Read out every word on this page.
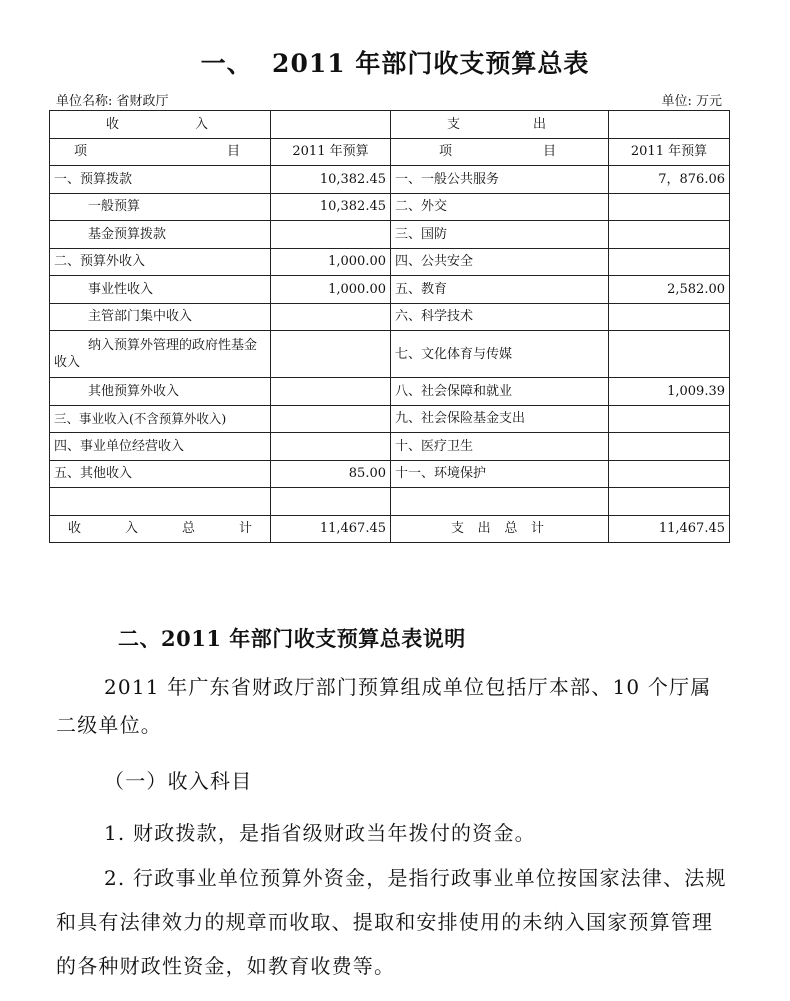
一、  2011 年部门收支预算总表
单位名称: 省财政厅	单位: 万元
收 入		支 出	

项 目	2011 年预算	项 目	2011 年预算
一、预算拨款	10,382.45	一、一般公共服务	7，876.06
一般预算	10,382.45	二、外交	
基金预算拨款		三、国防	
二、预算外收入	1,000.00	四、公共安全	
事业性收入	1,000.00	五、教育	2,582.00
主管部门集中收入		六、科学技术	
纳入预算外管理的政府性基金收入		七、文化体育与传媒	
其他预算外收入		八、社会保障和就业	1,009.39
三、事业收入(不含预算外收入)		九、社会保险基金支出	
四、事业单位经营收入		十、医疗卫生	
五、其他收入	85.00	十一、环境保护	

收 入 总 计	11,467.45	支 出 总 计	11,467.45
二、2011 年部门收支预算总表说明
2011 年广东省财政厅部门预算组成单位包括厅本部、10 个厅属二级单位。
（一）收入科目
1. 财政拨款，是指省级财政当年拨付的资金。
2. 行政事业单位预算外资金，是指行政事业单位按国家法律、法规和具有法律效力的规章而收取、提取和安排使用的未纳入国家预算管理的各种财政性资金，如教育收费等。
